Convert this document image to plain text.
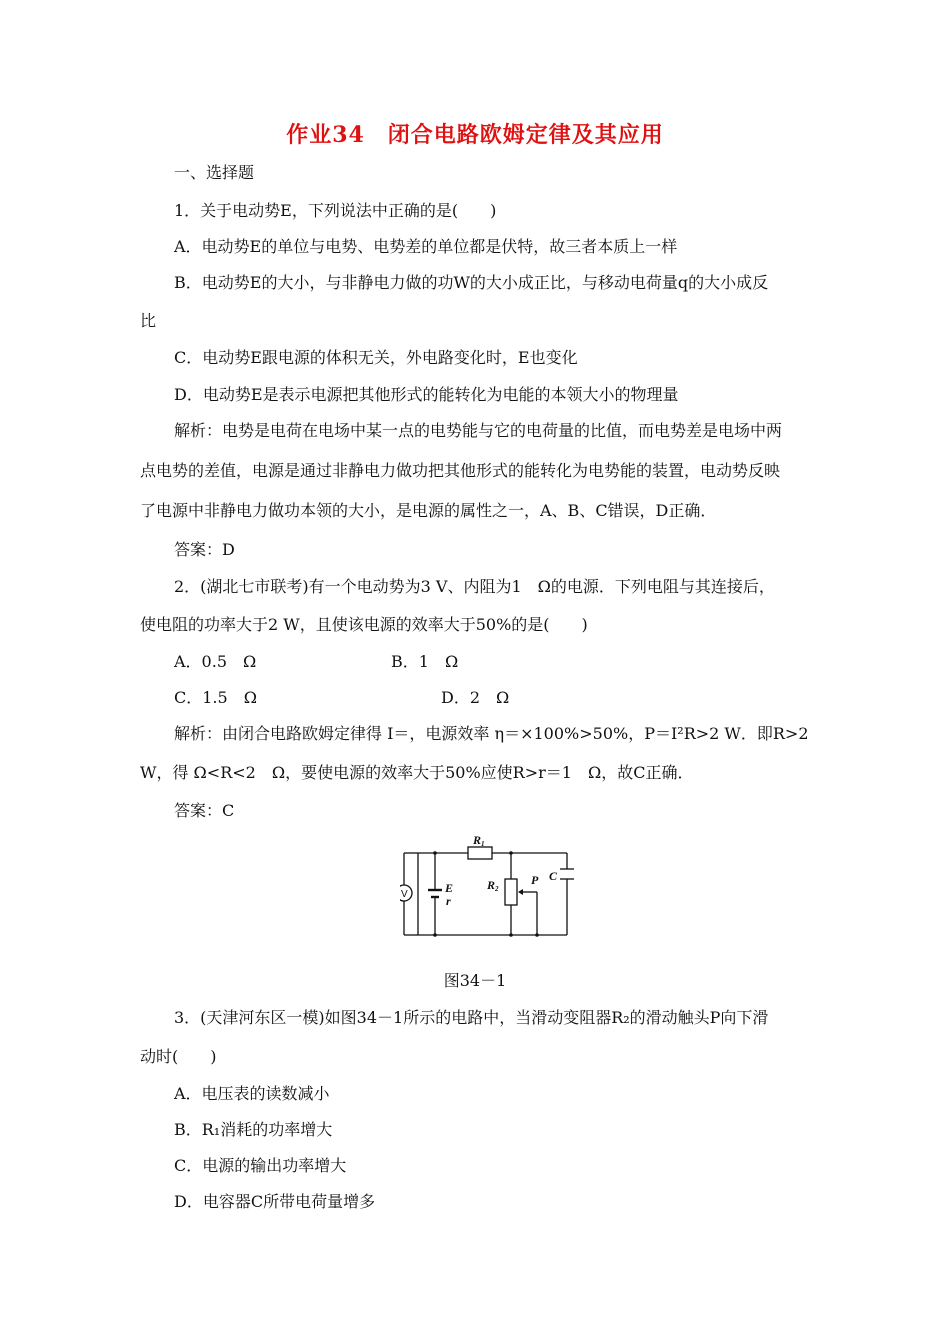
作业34　闭合电路欧姆定律及其应用
一、选择题
1．关于电动势E，下列说法中正确的是(　　)
A．电动势E的单位与电势、电势差的单位都是伏特，故三者本质上一样
B．电动势E的大小，与非静电力做的功W的大小成正比，与移动电荷量q的大小成反
比
C．电动势E跟电源的体积无关，外电路变化时，E也变化
D．电动势E是表示电源把其他形式的能转化为电能的本领大小的物理量
解析：电势是电荷在电场中某一点的电势能与它的电荷量的比值，而电势差是电场中两
点电势的差值，电源是通过非静电力做功把其他形式的能转化为电势能的装置，电动势反映
了电源中非静电力做功本领的大小，是电源的属性之一，A、B、C错误，D正确．
答案：D
2．(湖北七市联考)有一个电动势为3 V、内阻为1　Ω的电源．下列电阻与其连接后，
使电阻的功率大于2 W，且使该电源的效率大于50%的是(　　)
A．0.5　Ω	B．1　Ω
C．1.5　Ω	D．2　Ω
解析：由闭合电路欧姆定律得 I＝，电源效率 η＝×100%>50%，P＝I²R>2 W．即R>2
W，得 Ω<R<2　Ω，要使电源的效率大于50%应使R>r＝1　Ω，故C正确．
答案：C
R1
R2
P C
E
r
V
图34－1
3．(天津河东区一模)如图34－1所示的电路中，当滑动变阻器R₂的滑动触头P向下滑
动时(　　)
A．电压表的读数减小
B．R₁消耗的功率增大
C．电源的输出功率增大
D．电容器C所带电荷量增多
